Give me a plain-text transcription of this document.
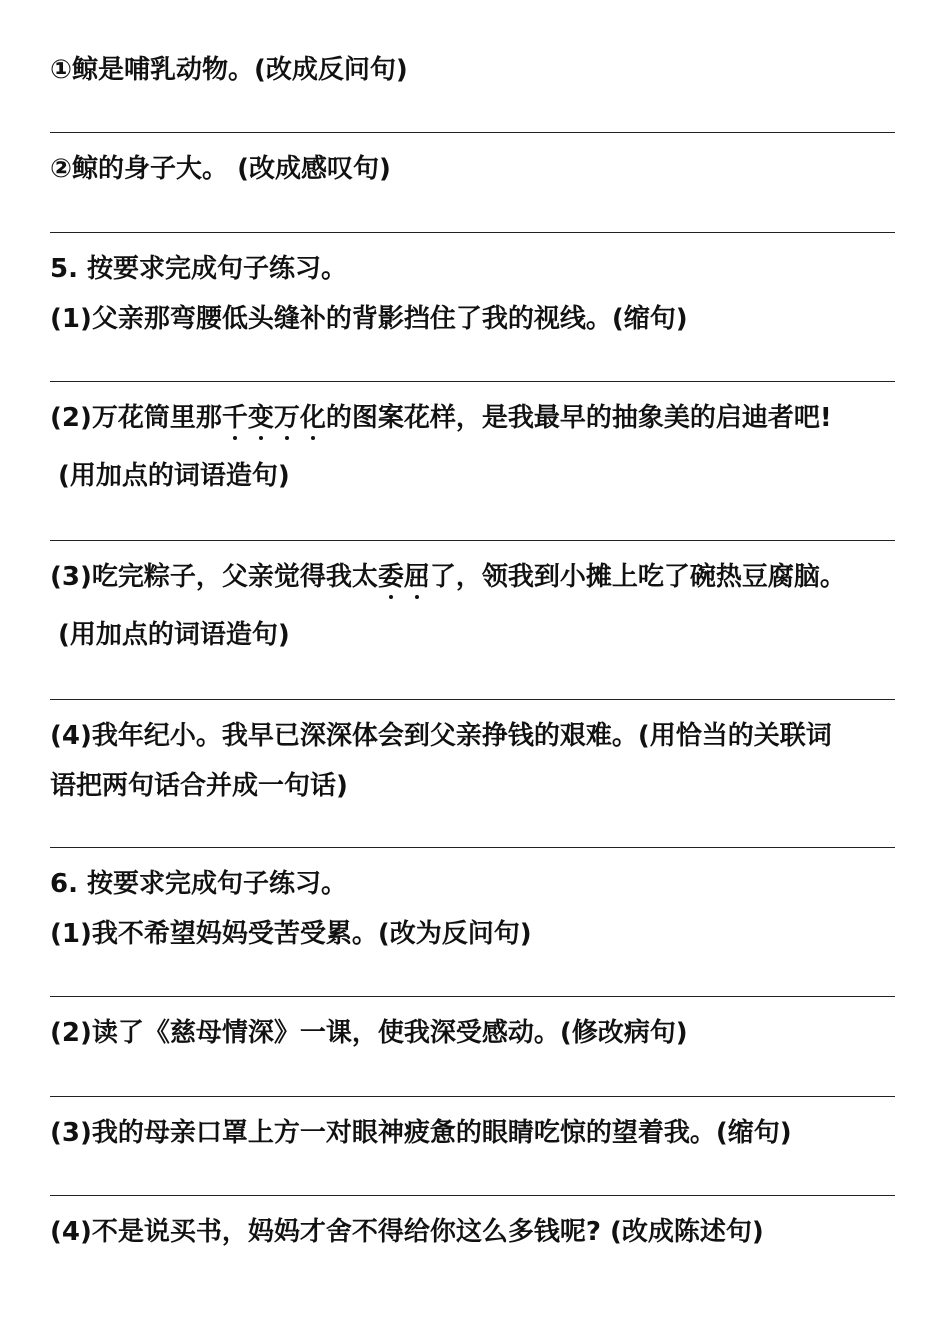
①鲸是哺乳动物。(改成反问句)
②鲸的身子大。 (改成感叹句)
5. 按要求完成句子练习。
(1)父亲那弯腰低头缝补的背影挡住了我的视线。(缩句)
(2)万花筒里那千变万化的图案花样，是我最早的抽象美的启迪者吧!
(用加点的词语造句)
(3)吃完粽子，父亲觉得我太委屈了，领我到小摊上吃了碗热豆腐脑。
(用加点的词语造句)
(4)我年纪小。我早已深深体会到父亲挣钱的艰难。(用恰当的关联词
语把两句话合并成一句话)
6. 按要求完成句子练习。
(1)我不希望妈妈受苦受累。(改为反问句)
(2)读了《慈母情深》一课，使我深受感动。(修改病句)
(3)我的母亲口罩上方一对眼神疲惫的眼睛吃惊的望着我。(缩句)
(4)不是说买书，妈妈才舍不得给你这么多钱呢? (改成陈述句)
